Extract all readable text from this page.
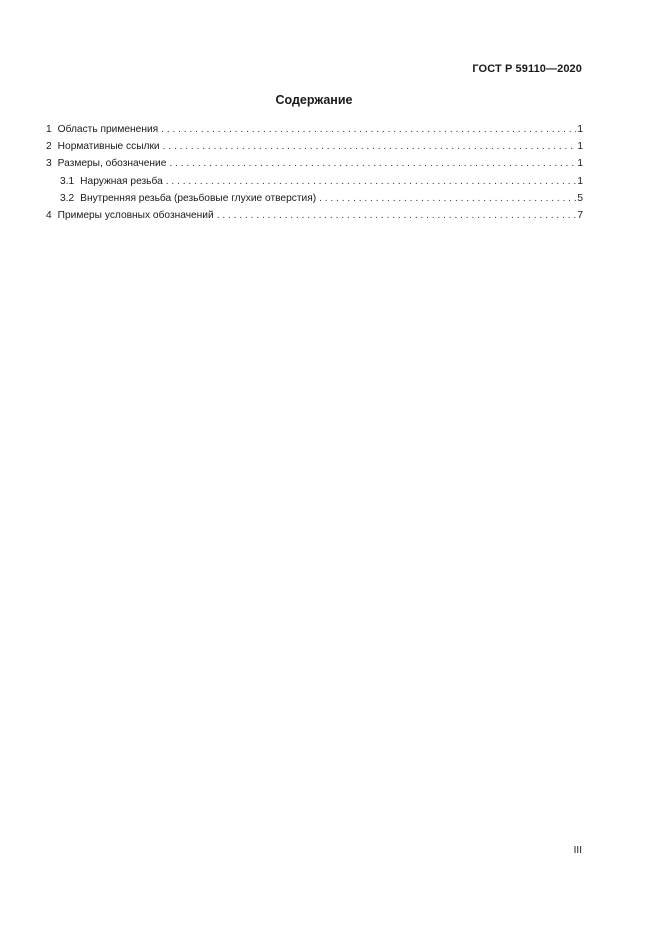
ГОСТ Р 59110—2020
Содержание
1 Область применения . . .	1
2 Нормативные ссылки . . .	1
3 Размеры, обозначение . . .	1
3.1 Наружная резьба . . .	1
3.2 Внутренняя резьба (резьбовые глухие отверстия) . . .	5
4 Примеры условных обозначений . . .	7
III
